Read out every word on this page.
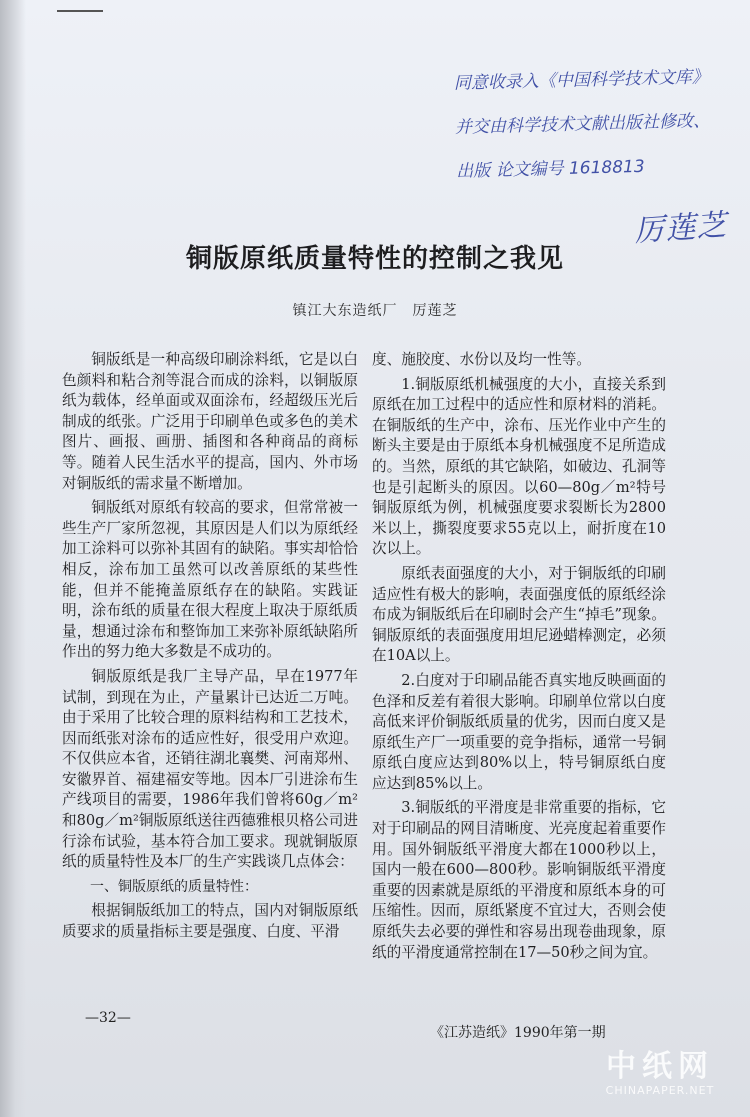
同意收录入《中国科学技术文库》
并交由科学技术文献出版社修改、
出版 论文编号 1618813
厉莲芝
铜版原纸质量特性的控制之我见
镇江大东造纸厂　厉莲芝

铜版纸是一种高级印刷涂料纸，它是以白色颜料和粘合剂等混合而成的涂料，以铜版原纸为载体，经单面或双面涂布，经超级压光后制成的纸张。广泛用于印刷单色或多色的美术图片、画报、画册、插图和各种商品的商标等。随着人民生活水平的提高，国内、外市场对铜版纸的需求量不断增加。

铜版纸对原纸有较高的要求，但常常被一些生产厂家所忽视，其原因是人们以为原纸经加工涂料可以弥补其固有的缺陷。事实却恰恰相反，涂布加工虽然可以改善原纸的某些性能，但并不能掩盖原纸存在的缺陷。实践证明，涂布纸的质量在很大程度上取决于原纸质量，想通过涂布和整饰加工来弥补原纸缺陷所作出的努力绝大多数是不成功的。

铜版原纸是我厂主导产品，早在1977年试制，到现在为止，产量累计已达近二万吨。由于采用了比较合理的原料结构和工艺技术，因而纸张对涂布的适应性好，很受用户欢迎。不仅供应本省，还销往湖北襄樊、河南郑州、安徽界首、福建福安等地。因本厂引进涂布生产线项目的需要，1986年我们曾将60g／m²和80g／m²铜版原纸送往西德雅根贝格公司进行涂布试验，基本符合加工要求。现就铜版原纸的质量特性及本厂的生产实践谈几点体会：

一、铜版原纸的质量特性：

根据铜版纸加工的特点，国内对铜版原纸质要求的质量指标主要是强度、白度、平滑

度、施胶度、水份以及均一性等。

1.铜版原纸机械强度的大小，直接关系到原纸在加工过程中的适应性和原材料的消耗。在铜版纸的生产中，涂布、压光作业中产生的断头主要是由于原纸本身机械强度不足所造成的。当然，原纸的其它缺陷，如破边、孔洞等也是引起断头的原因。以60—80g／m²特号铜版原纸为例，机械强度要求裂断长为2800米以上，撕裂度要求55克以上，耐折度在10次以上。

原纸表面强度的大小，对于铜版纸的印刷适应性有极大的影响，表面强度低的原纸经涂布成为铜版纸后在印刷时会产生“掉毛”现象。铜版原纸的表面强度用坦尼逊蜡棒测定，必须在10A以上。

2.白度对于印刷品能否真实地反映画面的色泽和反差有着很大影响。印刷单位常以白度高低来评价铜版纸质量的优劣，因而白度又是原纸生产厂一项重要的竞争指标，通常一号铜原纸白度应达到80%以上，特号铜原纸白度应达到85%以上。

3.铜版纸的平滑度是非常重要的指标，它对于印刷品的网目清晰度、光亮度起着重要作用。国外铜版纸平滑度大都在1000秒以上，国内一般在600—800秒。影响铜版纸平滑度重要的因素就是原纸的平滑度和原纸本身的可压缩性。因而，原纸紧度不宜过大，否则会使原纸失去必要的弹性和容易出现卷曲现象，原纸的平滑度通常控制在17—50秒之间为宜。

—32—
《江苏造纸》1990年第一期
中纸网
CHINAPAPER.NET
